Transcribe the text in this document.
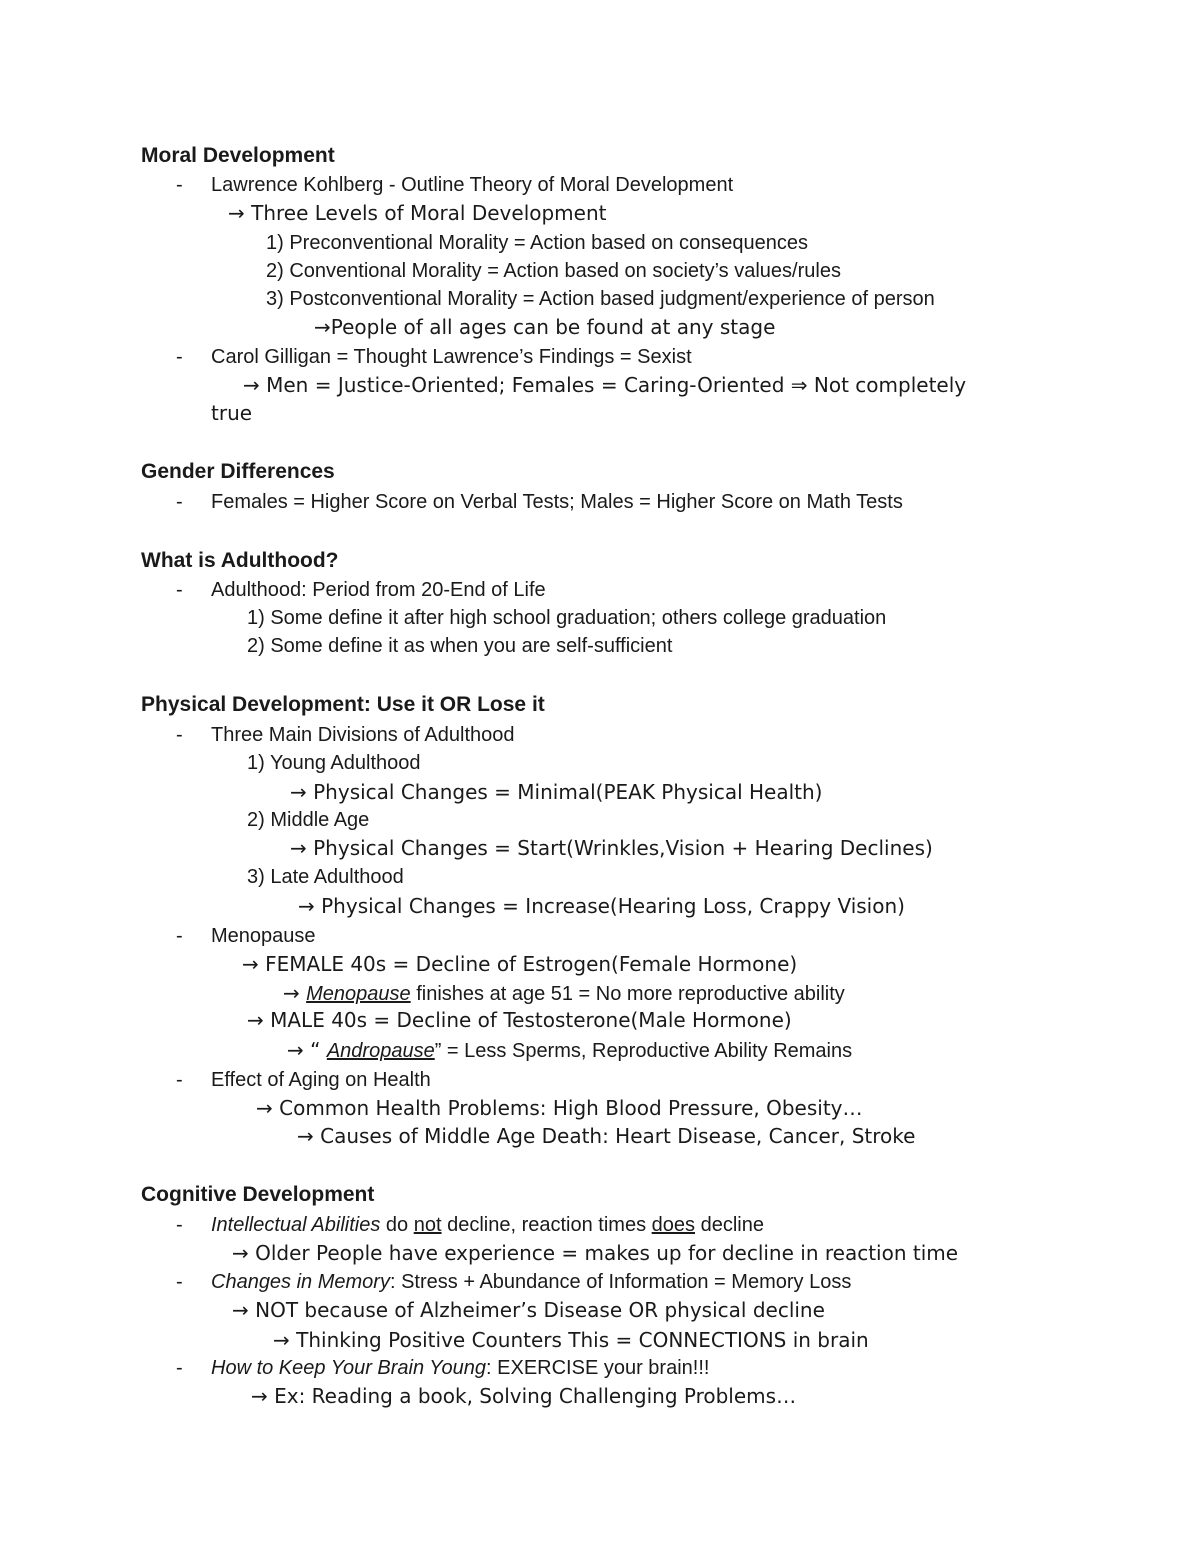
Moral Development
- Lawrence Kohlberg - Outline Theory of Moral Development
→ Three Levels of Moral Development
1) Preconventional Morality = Action based on consequences
2) Conventional Morality = Action based on society’s values/rules
3) Postconventional Morality = Action based judgment/experience of person
→People of all ages can be found at any stage
- Carol Gilligan = Thought Lawrence’s Findings = Sexist
→ Men = Justice-Oriented; Females = Caring-Oriented ⇒ Not completely
true
Gender Differences
- Females = Higher Score on Verbal Tests; Males = Higher Score on Math Tests
What is Adulthood?
- Adulthood: Period from 20-End of Life
1) Some define it after high school graduation; others college graduation
2) Some define it as when you are self-sufficient
Physical Development: Use it OR Lose it
- Three Main Divisions of Adulthood
1) Young Adulthood
→ Physical Changes = Minimal(PEAK Physical Health)
2) Middle Age
→ Physical Changes = Start(Wrinkles,Vision + Hearing Declines)
3) Late Adulthood
→ Physical Changes = Increase(Hearing Loss, Crappy Vision)
- Menopause
→ FEMALE 40s = Decline of Estrogen(Female Hormone)
→ Menopause finishes at age 51 = No more reproductive ability
→ MALE 40s = Decline of Testosterone(Male Hormone)
→ “ Andropause” = Less Sperms, Reproductive Ability Remains
- Effect of Aging on Health
→ Common Health Problems: High Blood Pressure, Obesity…
→ Causes of Middle Age Death: Heart Disease, Cancer, Stroke
Cognitive Development
- Intellectual Abilities do not decline, reaction times does decline
→ Older People have experience = makes up for decline in reaction time
- Changes in Memory: Stress + Abundance of Information = Memory Loss
→ NOT because of Alzheimer’s Disease OR physical decline
→ Thinking Positive Counters This = CONNECTIONS in brain
- How to Keep Your Brain Young: EXERCISE your brain!!!
→ Ex: Reading a book, Solving Challenging Problems…
